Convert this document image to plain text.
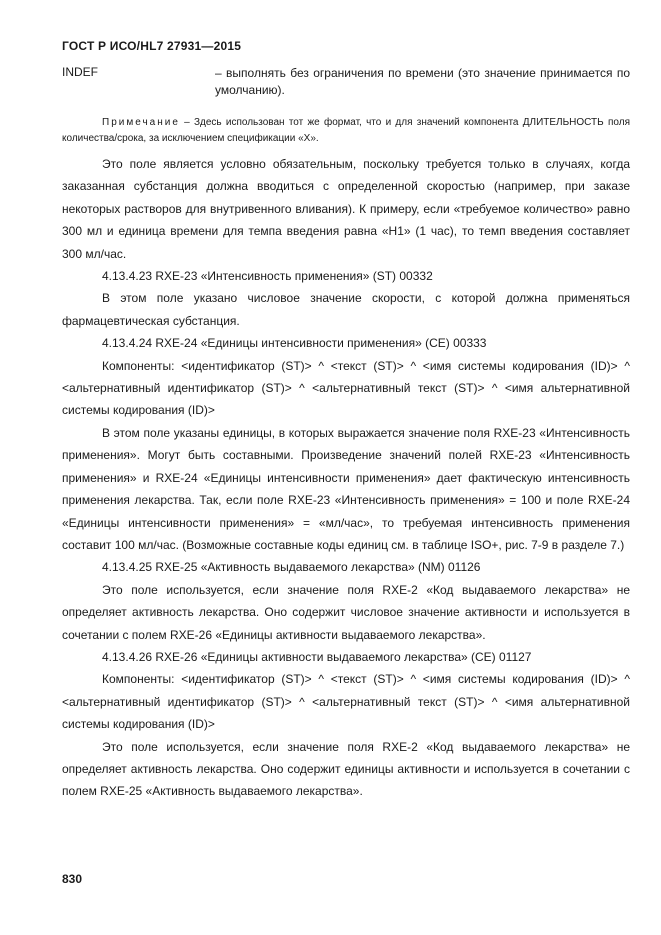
ГОСТ Р ИСО/HL7 27931—2015
INDEF	– выполнять без ограничения по времени (это значение принимается по умолчанию).
Примечание – Здесь использован тот же формат, что и для значений компонента ДЛИТЕЛЬНОСТЬ поля количества/срока, за исключением спецификации «X».

Это поле является условно обязательным, поскольку требуется только в случаях, когда заказанная субстанция должна вводиться с определенной скоростью (например, при заказе некоторых растворов для внутривенного вливания). К примеру, если «требуемое количество» равно 300 мл и единица времени для темпа введения равна «H1» (1 час), то темп введения составляет 300 мл/час.

4.13.4.23 RXE-23 «Интенсивность применения» (ST) 00332

В этом поле указано числовое значение скорости, с которой должна применяться фармацевтическая субстанция.

4.13.4.24 RXE-24 «Единицы интенсивности применения» (CE) 00333

Компоненты: <идентификатор (ST)> ^ <текст (ST)> ^ <имя системы кодирования (ID)> ^ <альтернативный идентификатор (ST)> ^ <альтернативный текст (ST)> ^ <имя альтернативной системы кодирования (ID)>

В этом поле указаны единицы, в которых выражается значение поля RXE-23 «Интенсивность применения». Могут быть составными. Произведение значений полей RXE-23 «Интенсивность применения» и RXE-24 «Единицы интенсивности применения» дает фактическую интенсивность применения лекарства. Так, если поле RXE-23 «Интенсивность применения» = 100 и поле RXE-24 «Единицы интенсивности применения» = «мл/час», то требуемая интенсивность применения составит 100 мл/час. (Возможные составные коды единиц см. в таблице ISO+, рис. 7-9 в разделе 7.)

4.13.4.25 RXE-25 «Активность выдаваемого лекарства» (NM) 01126

Это поле используется, если значение поля RXE-2 «Код выдаваемого лекарства» не определяет активность лекарства. Оно содержит числовое значение активности и используется в сочетании с полем RXE-26 «Единицы активности выдаваемого лекарства».

4.13.4.26 RXE-26 «Единицы активности выдаваемого лекарства» (CE) 01127

Компоненты: <идентификатор (ST)> ^ <текст (ST)> ^ <имя системы кодирования (ID)> ^ <альтернативный идентификатор (ST)> ^ <альтернативный текст (ST)> ^ <имя альтернативной системы кодирования (ID)>

Это поле используется, если значение поля RXE-2 «Код выдаваемого лекарства» не определяет активность лекарства. Оно содержит единицы активности и используется в сочетании с полем RXE-25 «Активность выдаваемого лекарства».

830
